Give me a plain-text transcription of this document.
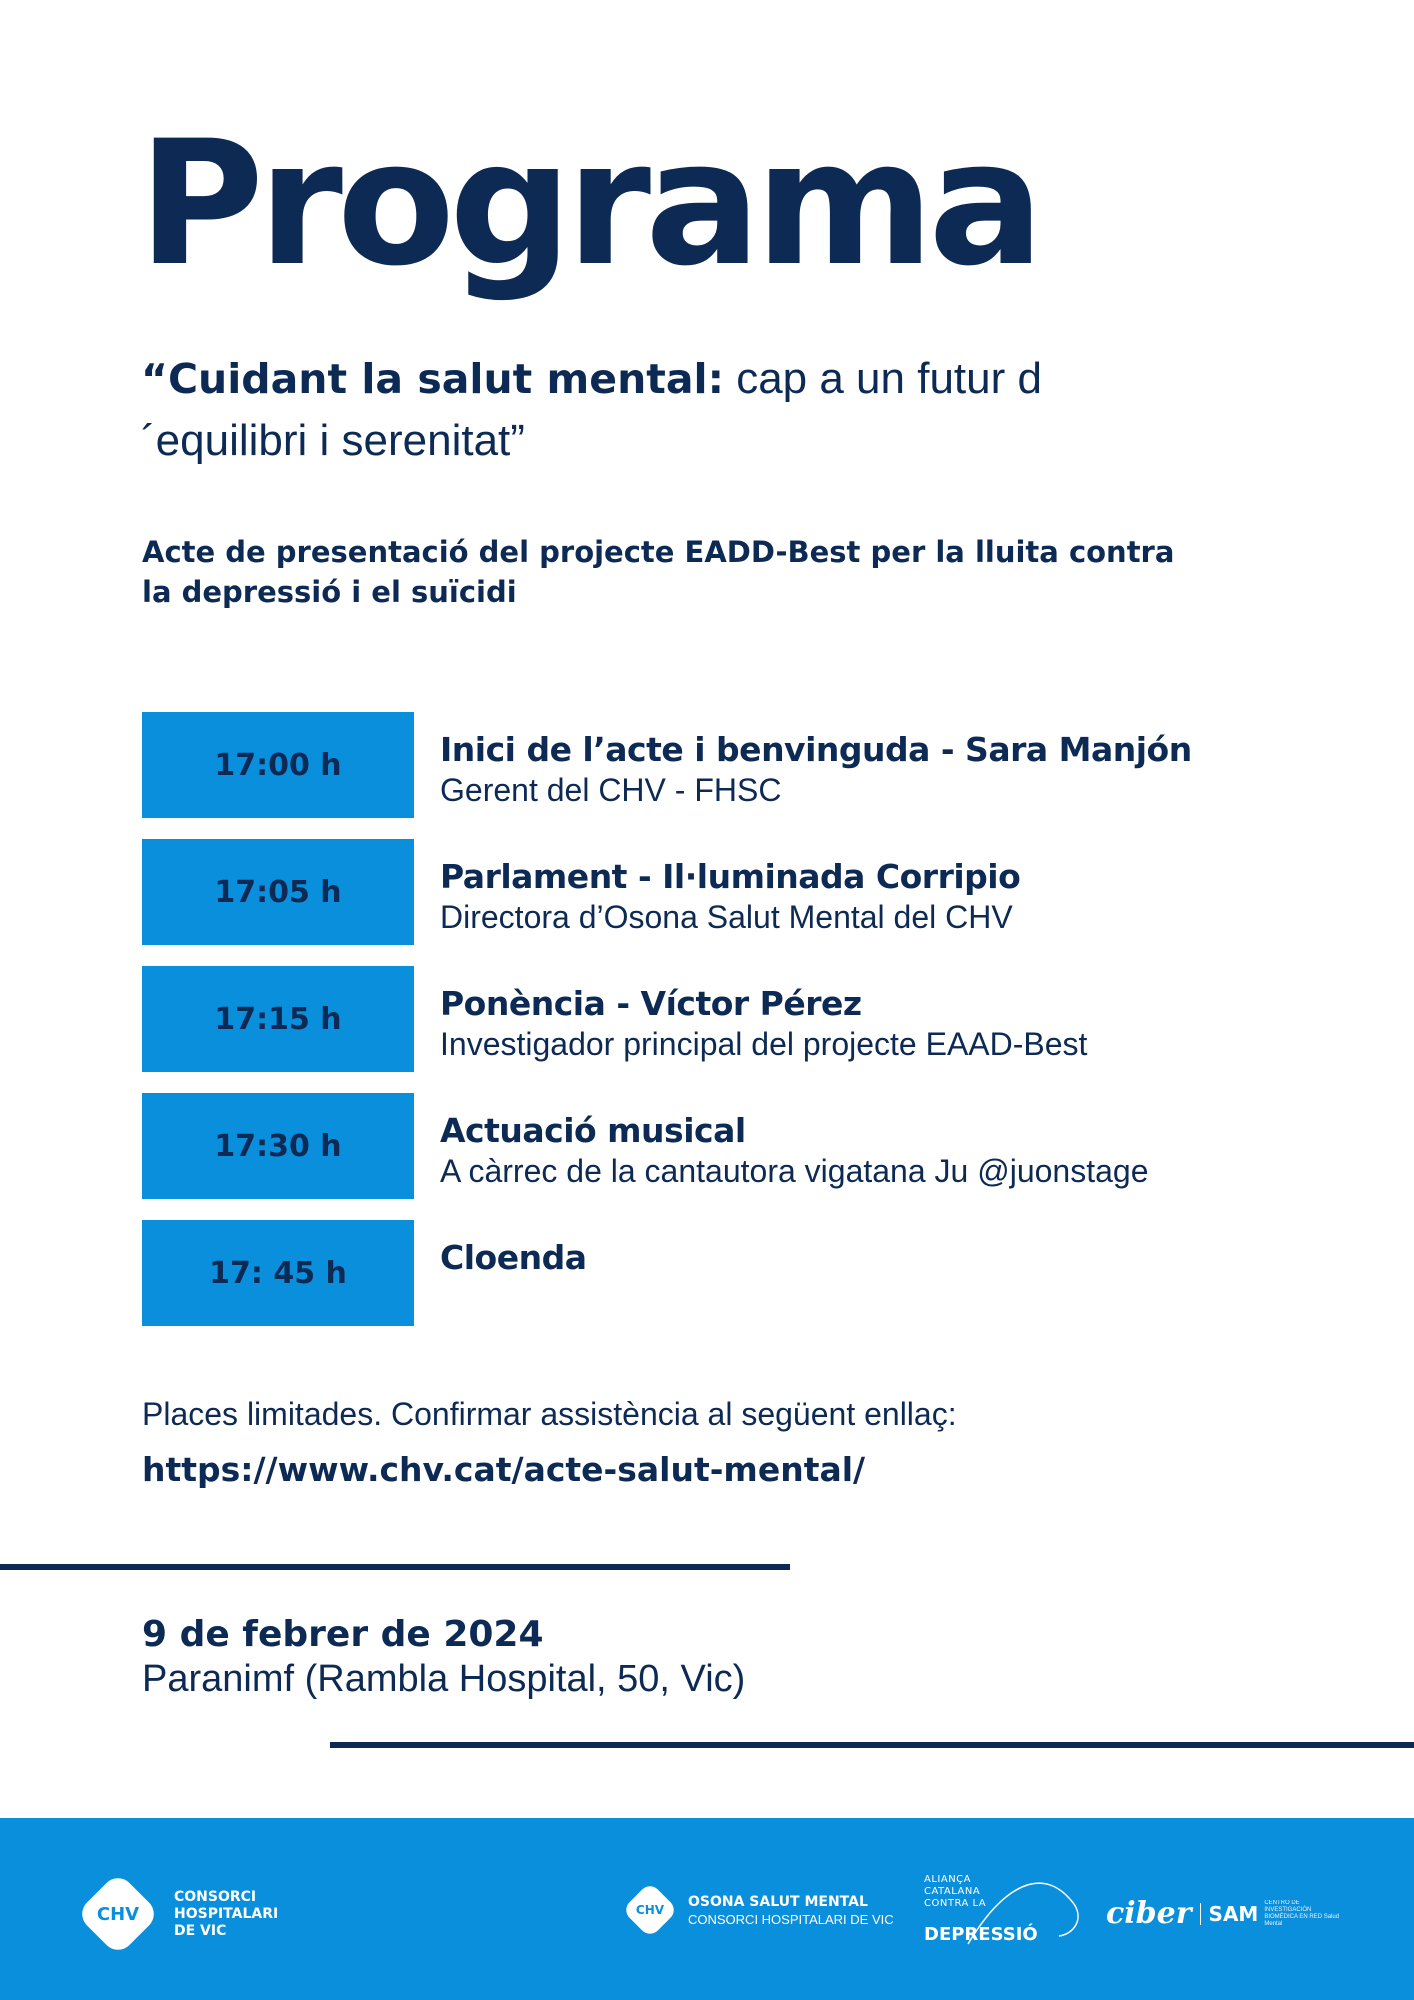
Programa
“Cuidant la salut mental: cap a un futur d´equilibri i serenitat”
Acte de presentació del projecte EADD-Best per la lluita contra la depressió i el suïcidi
17:00 h	Inici de l’acte i benvinguda - Sara Manjón
Gerent del CHV - FHSC
17:05 h	Parlament - Il·luminada Corripio
Directora d’Osona Salut Mental del CHV
17:15 h	Ponència - Víctor Pérez
Investigador principal del projecte EAAD-Best
17:30 h	Actuació musical
A càrrec de la cantautora vigatana Ju @juonstage
17: 45 h	Cloenda
Places limitades. Confirmar assistència al següent enllaç:
https://www.chv.cat/acte-salut-mental/
9 de febrer de 2024
Paranimf (Rambla Hospital, 50, Vic)
CHV
CONSORCI HOSPITALARI DE VIC
CHV
OSONA SALUT MENTAL
CONSORCI HOSPITALARI DE VIC
ALIANÇA CATALANA CONTRA LA
DEPRESSIÓ
ciber SAM CENTRO DE INVESTIGACIÓN BIOMÉDICA EN RED Salud Mental
